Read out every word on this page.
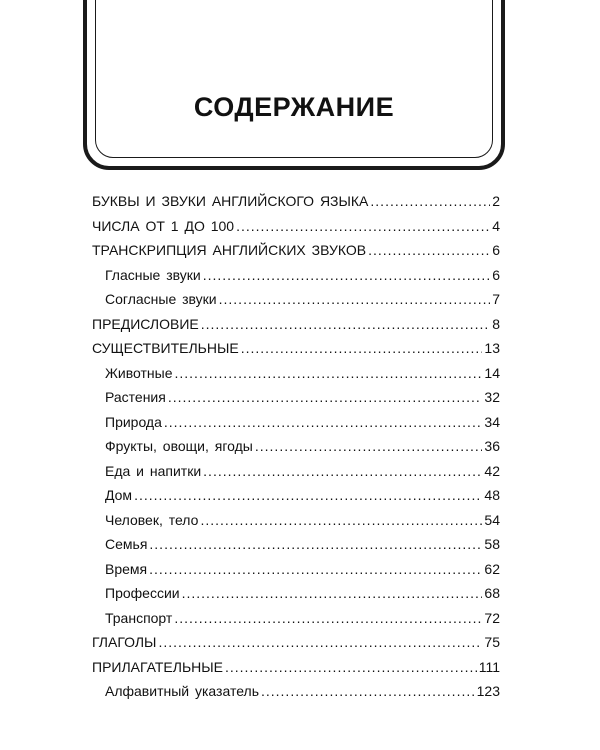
СОДЕРЖАНИЕ
БУКВЫ И ЗВУКИ АНГЛИЙСКОГО ЯЗЫКА .....	2
ЧИСЛА ОТ 1 ДО 100 .....	4
ТРАНСКРИПЦИЯ АНГЛИЙСКИХ ЗВУКОВ .....	6
Гласные звуки .....	6
Согласные звуки .....	7
ПРЕДИСЛОВИЕ .....	8
СУЩЕСТВИТЕЛЬНЫЕ .....	13
Животные .....	14
Растения .....	32
Природа .....	34
Фрукты, овощи, ягоды .....	36
Еда и напитки .....	42
Дом .....	48
Человек, тело .....	54
Семья .....	58
Время .....	62
Профессии .....	68
Транспорт .....	72
ГЛАГОЛЫ .....	75
ПРИЛАГАТЕЛЬНЫЕ .....	111
Алфавитный указатель .....	123
